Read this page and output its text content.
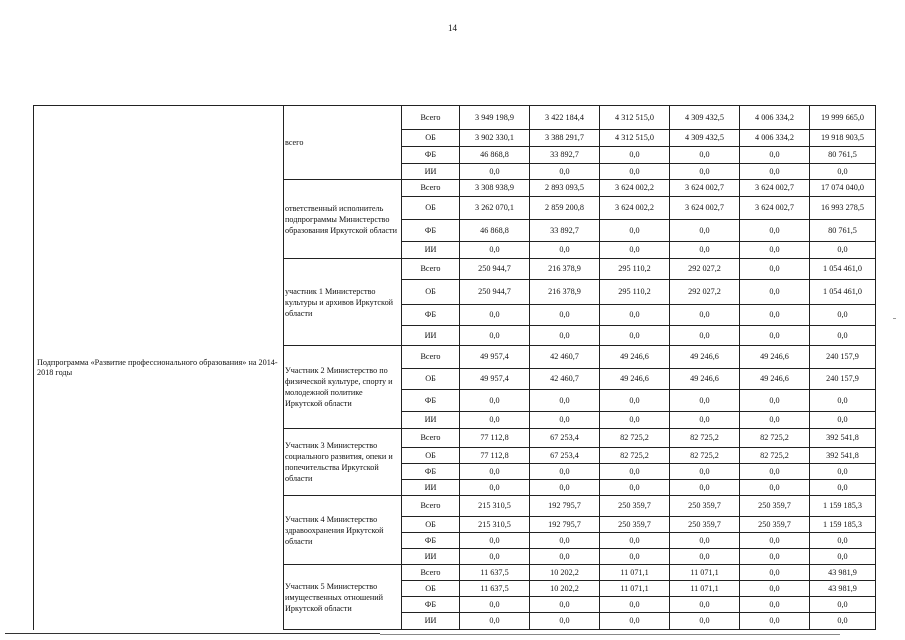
14
Подпрограмма «Развитие профессионального образования» на 2014-2018 годы	всего	Всего	3 949 198,9	3 422 184,4	4 312 515,0	4 309 432,5	4 006 334,2	19 999 665,0
		ОБ	3 902 330,1	3 388 291,7	4 312 515,0	4 309 432,5	4 006 334,2	19 918 903,5
		ФБ	46 868,8	33 892,7	0,0	0,0	0,0	80 761,5
		ИИ	0,0	0,0	0,0	0,0	0,0	0,0
	ответственный исполнитель подпрограммы Министерство образования Иркутской области	Всего	3 308 938,9	2 893 093,5	3 624 002,2	3 624 002,7	3 624 002,7	17 074 040,0
		ОБ	3 262 070,1	2 859 200,8	3 624 002,2	3 624 002,7	3 624 002,7	16 993 278,5
		ФБ	46 868,8	33 892,7	0,0	0,0	0,0	80 761,5
		ИИ	0,0	0,0	0,0	0,0	0,0	0,0
	участник 1 Министерство культуры и архивов Иркутской области	Всего	250 944,7	216 378,9	295 110,2	292 027,2	0,0	1 054 461,0
		ОБ	250 944,7	216 378,9	295 110,2	292 027,2	0,0	1 054 461,0
		ФБ	0,0	0,0	0,0	0,0	0,0	0,0
		ИИ	0,0	0,0	0,0	0,0	0,0	0,0
	Участник 2 Министерство по физической культуре, спорту и молодежной политике Иркутской области	Всего	49 957,4	42 460,7	49 246,6	49 246,6	49 246,6	240 157,9
		ОБ	49 957,4	42 460,7	49 246,6	49 246,6	49 246,6	240 157,9
		ФБ	0,0	0,0	0,0	0,0	0,0	0,0
		ИИ	0,0	0,0	0,0	0,0	0,0	0,0
	Участник 3 Министерство социального развития, опеки и попечительства Иркутской области	Всего	77 112,8	67 253,4	82 725,2	82 725,2	82 725,2	392 541,8
		ОБ	77 112,8	67 253,4	82 725,2	82 725,2	82 725,2	392 541,8
		ФБ	0,0	0,0	0,0	0,0	0,0	0,0
		ИИ	0,0	0,0	0,0	0,0	0,0	0,0
	Участник 4 Министерство здравоохранения Иркутской области	Всего	215 310,5	192 795,7	250 359,7	250 359,7	250 359,7	1 159 185,3
		ОБ	215 310,5	192 795,7	250 359,7	250 359,7	250 359,7	1 159 185,3
		ФБ	0,0	0,0	0,0	0,0	0,0	0,0
		ИИ	0,0	0,0	0,0	0,0	0,0	0,0
	Участник 5 Министерство имущественных отношений Иркутской области	Всего	11 637,5	10 202,2	11 071,1	11 071,1	0,0	43 981,9
		ОБ	11 637,5	10 202,2	11 071,1	11 071,1	0,0	43 981,9
		ФБ	0,0	0,0	0,0	0,0	0,0	0,0
		ИИ	0,0	0,0	0,0	0,0	0,0	0,0
